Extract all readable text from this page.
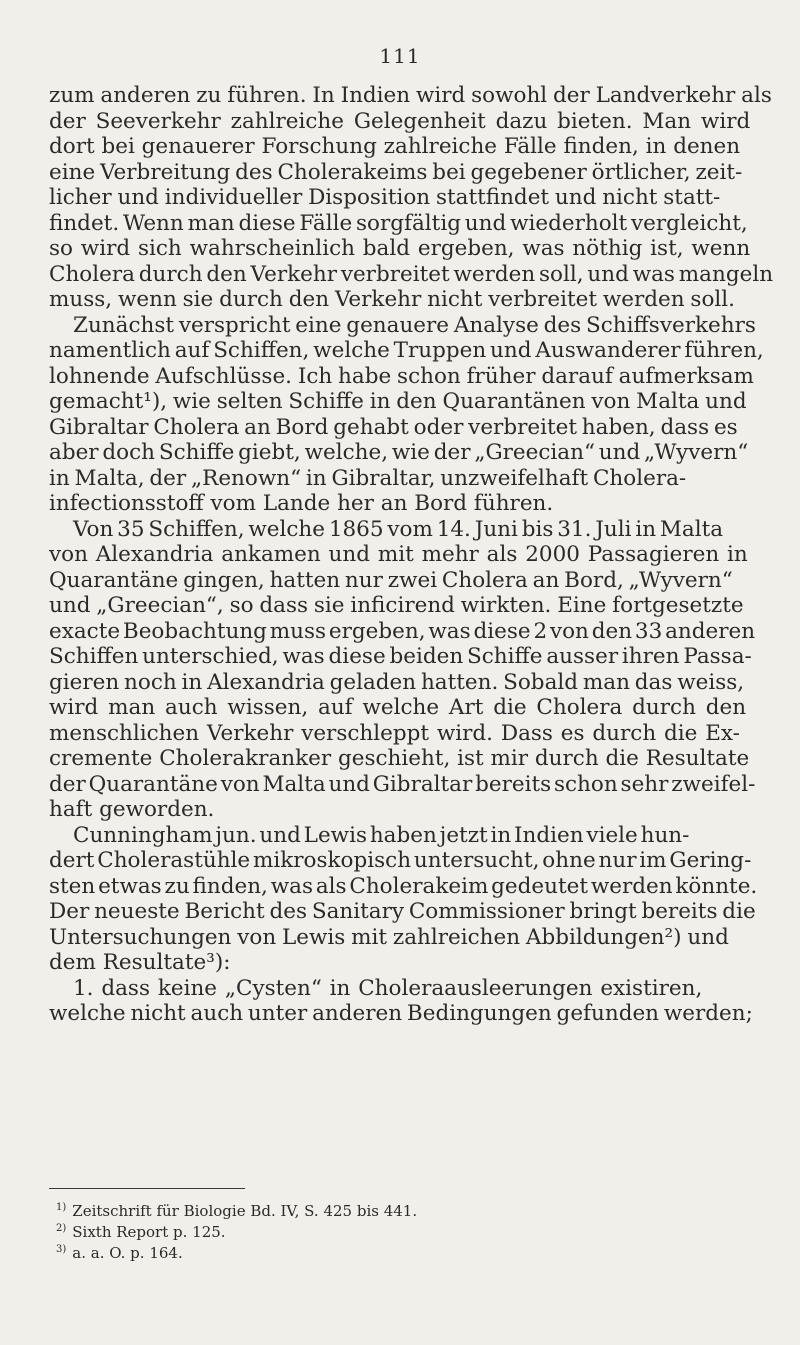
111
zum anderen zu führen. In Indien wird sowohl der Landverkehr als
der Seeverkehr zahlreiche Gelegenheit dazu bieten. Man wird
dort bei genauerer Forschung zahlreiche Fälle finden, in denen
eine Verbreitung des Cholerakeims bei gegebener örtlicher, zeit-
licher und individueller Disposition stattfindet und nicht statt-
findet. Wenn man diese Fälle sorgfältig und wiederholt vergleicht,
so wird sich wahrscheinlich bald ergeben, was nöthig ist, wenn
Cholera durch den Verkehr verbreitet werden soll, und was mangeln
muss, wenn sie durch den Verkehr nicht verbreitet werden soll.
Zunächst verspricht eine genauere Analyse des Schiffsverkehrs
namentlich auf Schiffen, welche Truppen und Auswanderer führen,
lohnende Aufschlüsse. Ich habe schon früher darauf aufmerksam
gemacht¹), wie selten Schiffe in den Quarantänen von Malta und
Gibraltar Cholera an Bord gehabt oder verbreitet haben, dass es
aber doch Schiffe giebt, welche, wie der „Greecian“ und „Wyvern“
in Malta, der „Renown“ in Gibraltar, unzweifelhaft Cholera-
infectionsstoff vom Lande her an Bord führen.
Von 35 Schiffen, welche 1865 vom 14. Juni bis 31. Juli in Malta
von Alexandria ankamen und mit mehr als 2000 Passagieren in
Quarantäne gingen, hatten nur zwei Cholera an Bord, „Wyvern“
und „Greecian“, so dass sie inficirend wirkten. Eine fortgesetzte
exacte Beobachtung muss ergeben, was diese 2 von den 33 anderen
Schiffen unterschied, was diese beiden Schiffe ausser ihren Passa-
gieren noch in Alexandria geladen hatten. Sobald man das weiss,
wird man auch wissen, auf welche Art die Cholera durch den
menschlichen Verkehr verschleppt wird. Dass es durch die Ex-
cremente Cholerakranker geschieht, ist mir durch die Resultate
der Quarantäne von Malta und Gibraltar bereits schon sehr zweifel-
haft geworden.
Cunningham jun. und Lewis haben jetzt in Indien viele hun-
dert Cholerastühle mikroskopisch untersucht, ohne nur im Gering-
sten etwas zu finden, was als Cholerakeim gedeutet werden könnte.
Der neueste Bericht des Sanitary Commissioner bringt bereits die
Untersuchungen von Lewis mit zahlreichen Abbildungen²) und
dem Resultate³):
1. dass keine „Cysten“ in Choleraausleerungen existiren,
welche nicht auch unter anderen Bedingungen gefunden werden;
$^{1)}$ Zeitschrift für Biologie Bd. IV, S. 425 bis 441.
$^{2)}$ Sixth Report p. 125.
$^{3)}$ a. a. O. p. 164.
